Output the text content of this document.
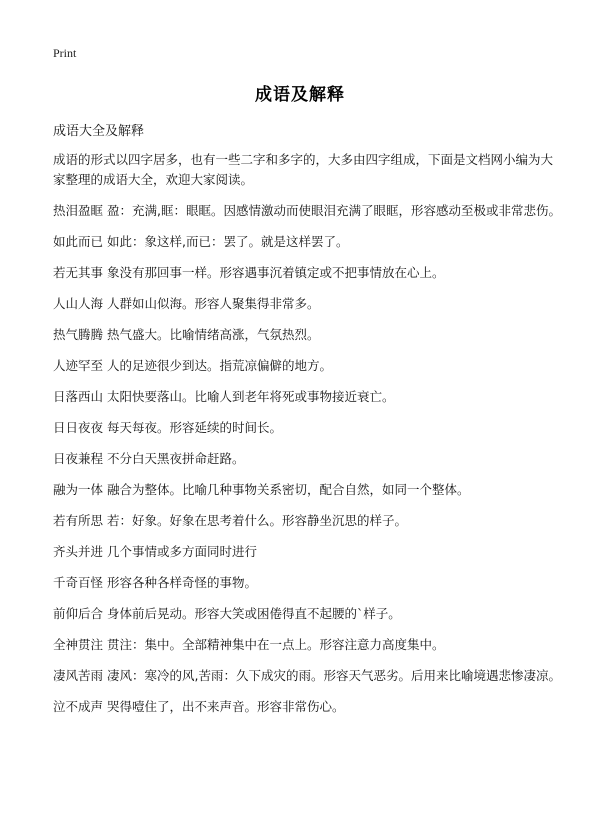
Print
成语及解释
成语大全及解释

成语的形式以四字居多，也有一些二字和多字的，大多由四字组成，下面是文档网小编为大家整理的成语大全，欢迎大家阅读。

热泪盈眶 盈：充满,眶：眼眶。因感情激动而使眼泪充满了眼眶，形容感动至极或非常悲伤。

如此而已 如此：象这样,而已：罢了。就是这样罢了。

若无其事 象没有那回事一样。形容遇事沉着镇定或不把事情放在心上。

人山人海 人群如山似海。形容人聚集得非常多。

热气腾腾 热气盛大。比喻情绪高涨，气氛热烈。

人迹罕至 人的足迹很少到达。指荒凉偏僻的地方。

日落西山 太阳快要落山。比喻人到老年将死或事物接近衰亡。

日日夜夜 每天每夜。形容延续的时间长。

日夜兼程 不分白天黑夜拼命赶路。

融为一体 融合为整体。比喻几种事物关系密切，配合自然，如同一个整体。

若有所思 若：好象。好象在思考着什么。形容静坐沉思的样子。

齐头并进 几个事情或多方面同时进行

千奇百怪 形容各种各样奇怪的事物。

前仰后合 身体前后晃动。形容大笑或困倦得直不起腰的`样子。

全神贯注 贯注：集中。全部精神集中在一点上。形容注意力高度集中。

凄风苦雨 凄风：寒冷的风,苦雨：久下成灾的雨。形容天气恶劣。后用来比喻境遇悲惨凄凉。

泣不成声 哭得噎住了，出不来声音。形容非常伤心。
